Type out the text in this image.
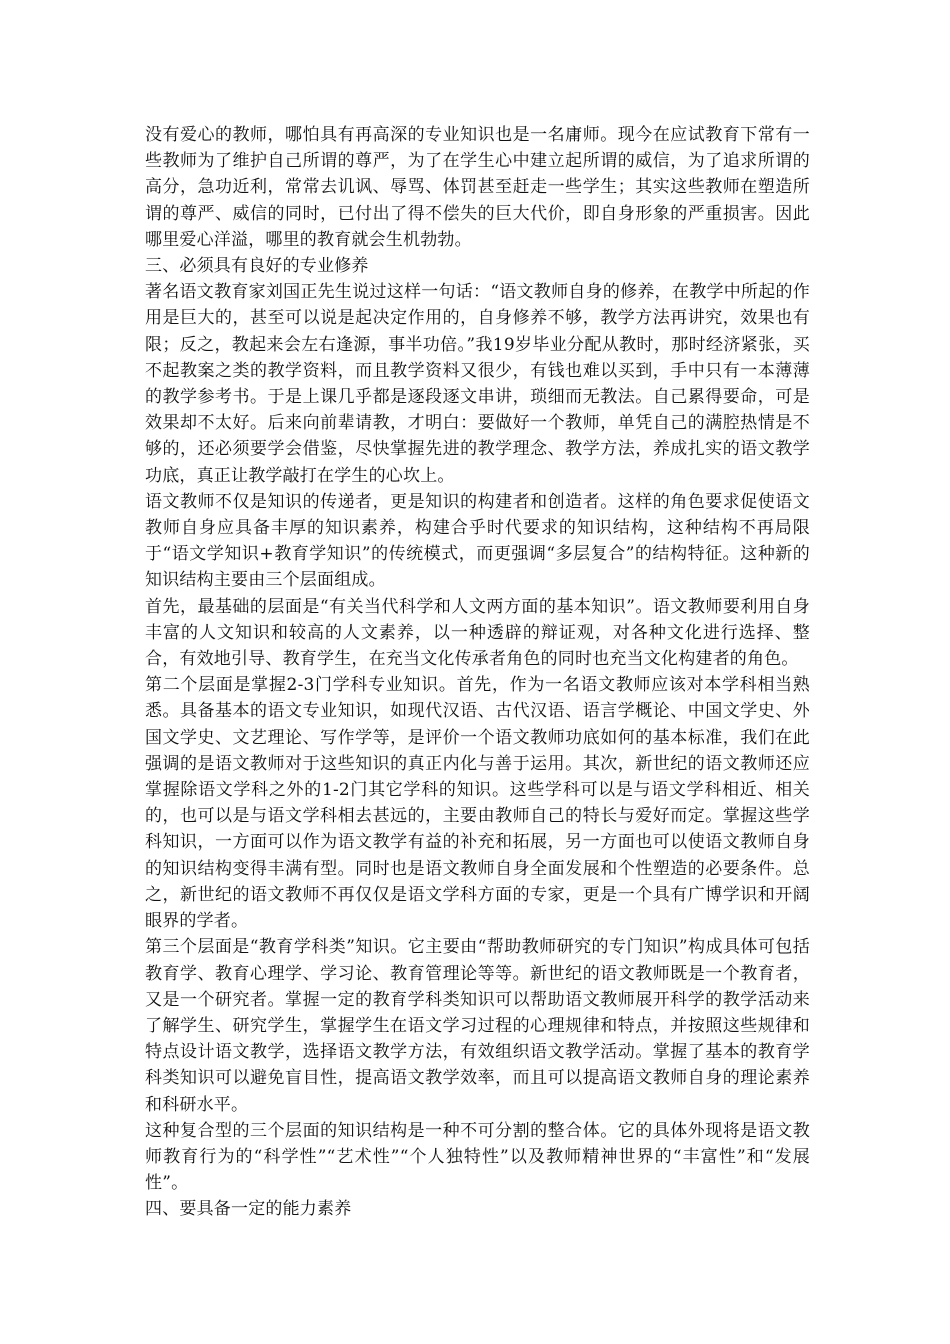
没有爱心的教师，哪怕具有再高深的专业知识也是一名庸师。现今在应试教育下常有一些教师为了维护自己所谓的尊严，为了在学生心中建立起所谓的威信，为了追求所谓的高分，急功近利，常常去讥讽、辱骂、体罚甚至赶走一些学生；其实这些教师在塑造所谓的尊严、威信的同时，已付出了得不偿失的巨大代价，即自身形象的严重损害。因此哪里爱心洋溢，哪里的教育就会生机勃勃。

三、必须具有良好的专业修养

著名语文教育家刘国正先生说过这样一句话：“语文教师自身的修养，在教学中所起的作用是巨大的，甚至可以说是起决定作用的，自身修养不够，教学方法再讲究，效果也有限；反之，教起来会左右逢源，事半功倍。”我19岁毕业分配从教时，那时经济紧张，买不起教案之类的教学资料，而且教学资料又很少，有钱也难以买到，手中只有一本薄薄的教学参考书。于是上课几乎都是逐段逐文串讲，琐细而无教法。自己累得要命，可是效果却不太好。后来向前辈请教，才明白：要做好一个教师，单凭自己的满腔热情是不够的，还必须要学会借鉴，尽快掌握先进的教学理念、教学方法，养成扎实的语文教学功底，真正让教学敲打在学生的心坎上。

语文教师不仅是知识的传递者，更是知识的构建者和创造者。这样的角色要求促使语文教师自身应具备丰厚的知识素养，构建合乎时代要求的知识结构，这种结构不再局限于“语文学知识+教育学知识”的传统模式，而更强调“多层复合”的结构特征。这种新的知识结构主要由三个层面组成。

首先，最基础的层面是“有关当代科学和人文两方面的基本知识”。语文教师要利用自身丰富的人文知识和较高的人文素养，以一种透辟的辩证观，对各种文化进行选择、整合，有效地引导、教育学生，在充当文化传承者角色的同时也充当文化构建者的角色。

第二个层面是掌握2-3门学科专业知识。首先，作为一名语文教师应该对本学科相当熟悉。具备基本的语文专业知识，如现代汉语、古代汉语、语言学概论、中国文学史、外国文学史、文艺理论、写作学等，是评价一个语文教师功底如何的基本标准，我们在此强调的是语文教师对于这些知识的真正内化与善于运用。其次，新世纪的语文教师还应掌握除语文学科之外的1-2门其它学科的知识。这些学科可以是与语文学科相近、相关的，也可以是与语文学科相去甚远的，主要由教师自己的特长与爱好而定。掌握这些学科知识，一方面可以作为语文教学有益的补充和拓展，另一方面也可以使语文教师自身的知识结构变得丰满有型。同时也是语文教师自身全面发展和个性塑造的必要条件。总之，新世纪的语文教师不再仅仅是语文学科方面的专家，更是一个具有广博学识和开阔眼界的学者。

第三个层面是“教育学科类”知识。它主要由“帮助教师研究的专门知识”构成具体可包括教育学、教育心理学、学习论、教育管理论等等。新世纪的语文教师既是一个教育者，又是一个研究者。掌握一定的教育学科类知识可以帮助语文教师展开科学的教学活动来了解学生、研究学生，掌握学生在语文学习过程的心理规律和特点，并按照这些规律和特点设计语文教学，选择语文教学方法，有效组织语文教学活动。掌握了基本的教育学科类知识可以避免盲目性，提高语文教学效率，而且可以提高语文教师自身的理论素养和科研水平。

这种复合型的三个层面的知识结构是一种不可分割的整合体。它的具体外现将是语文教师教育行为的“科学性”“艺术性”“个人独特性”以及教师精神世界的“丰富性”和“发展性”。

四、要具备一定的能力素养
